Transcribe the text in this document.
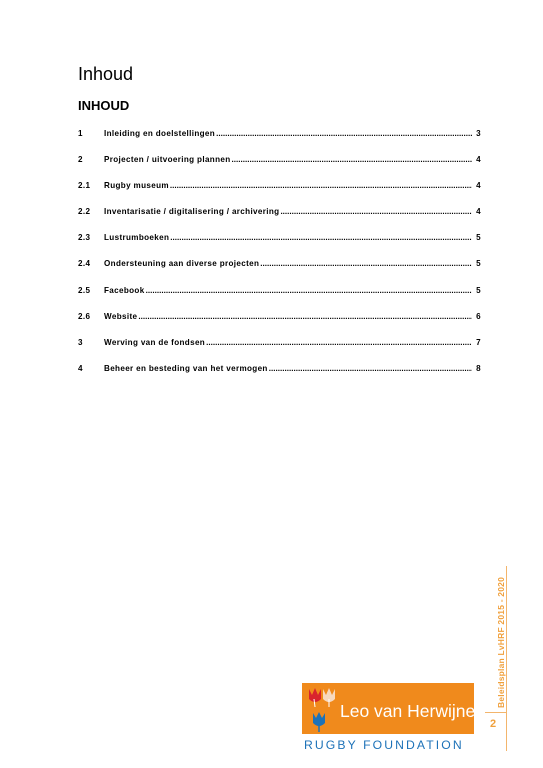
Inhoud
INHOUD
1	Inleiding en doelstellingen .....	3
2	Projecten / uitvoering plannen .....	4
2.1	Rugby museum .....	4
2.2	Inventarisatie / digitalisering / archivering .....	4
2.3	Lustrumboeken .....	5
2.4	Ondersteuning aan diverse projecten .....	5
2.5	Facebook .....	5
2.6	Website .....	6
3	Werving van de fondsen .....	7
4	Beheer en besteding van het vermogen .....	8
Beleidsplan LvHRF 2015 - 2020
2
Leo van Herwijnen
RUGBY FOUNDATION
